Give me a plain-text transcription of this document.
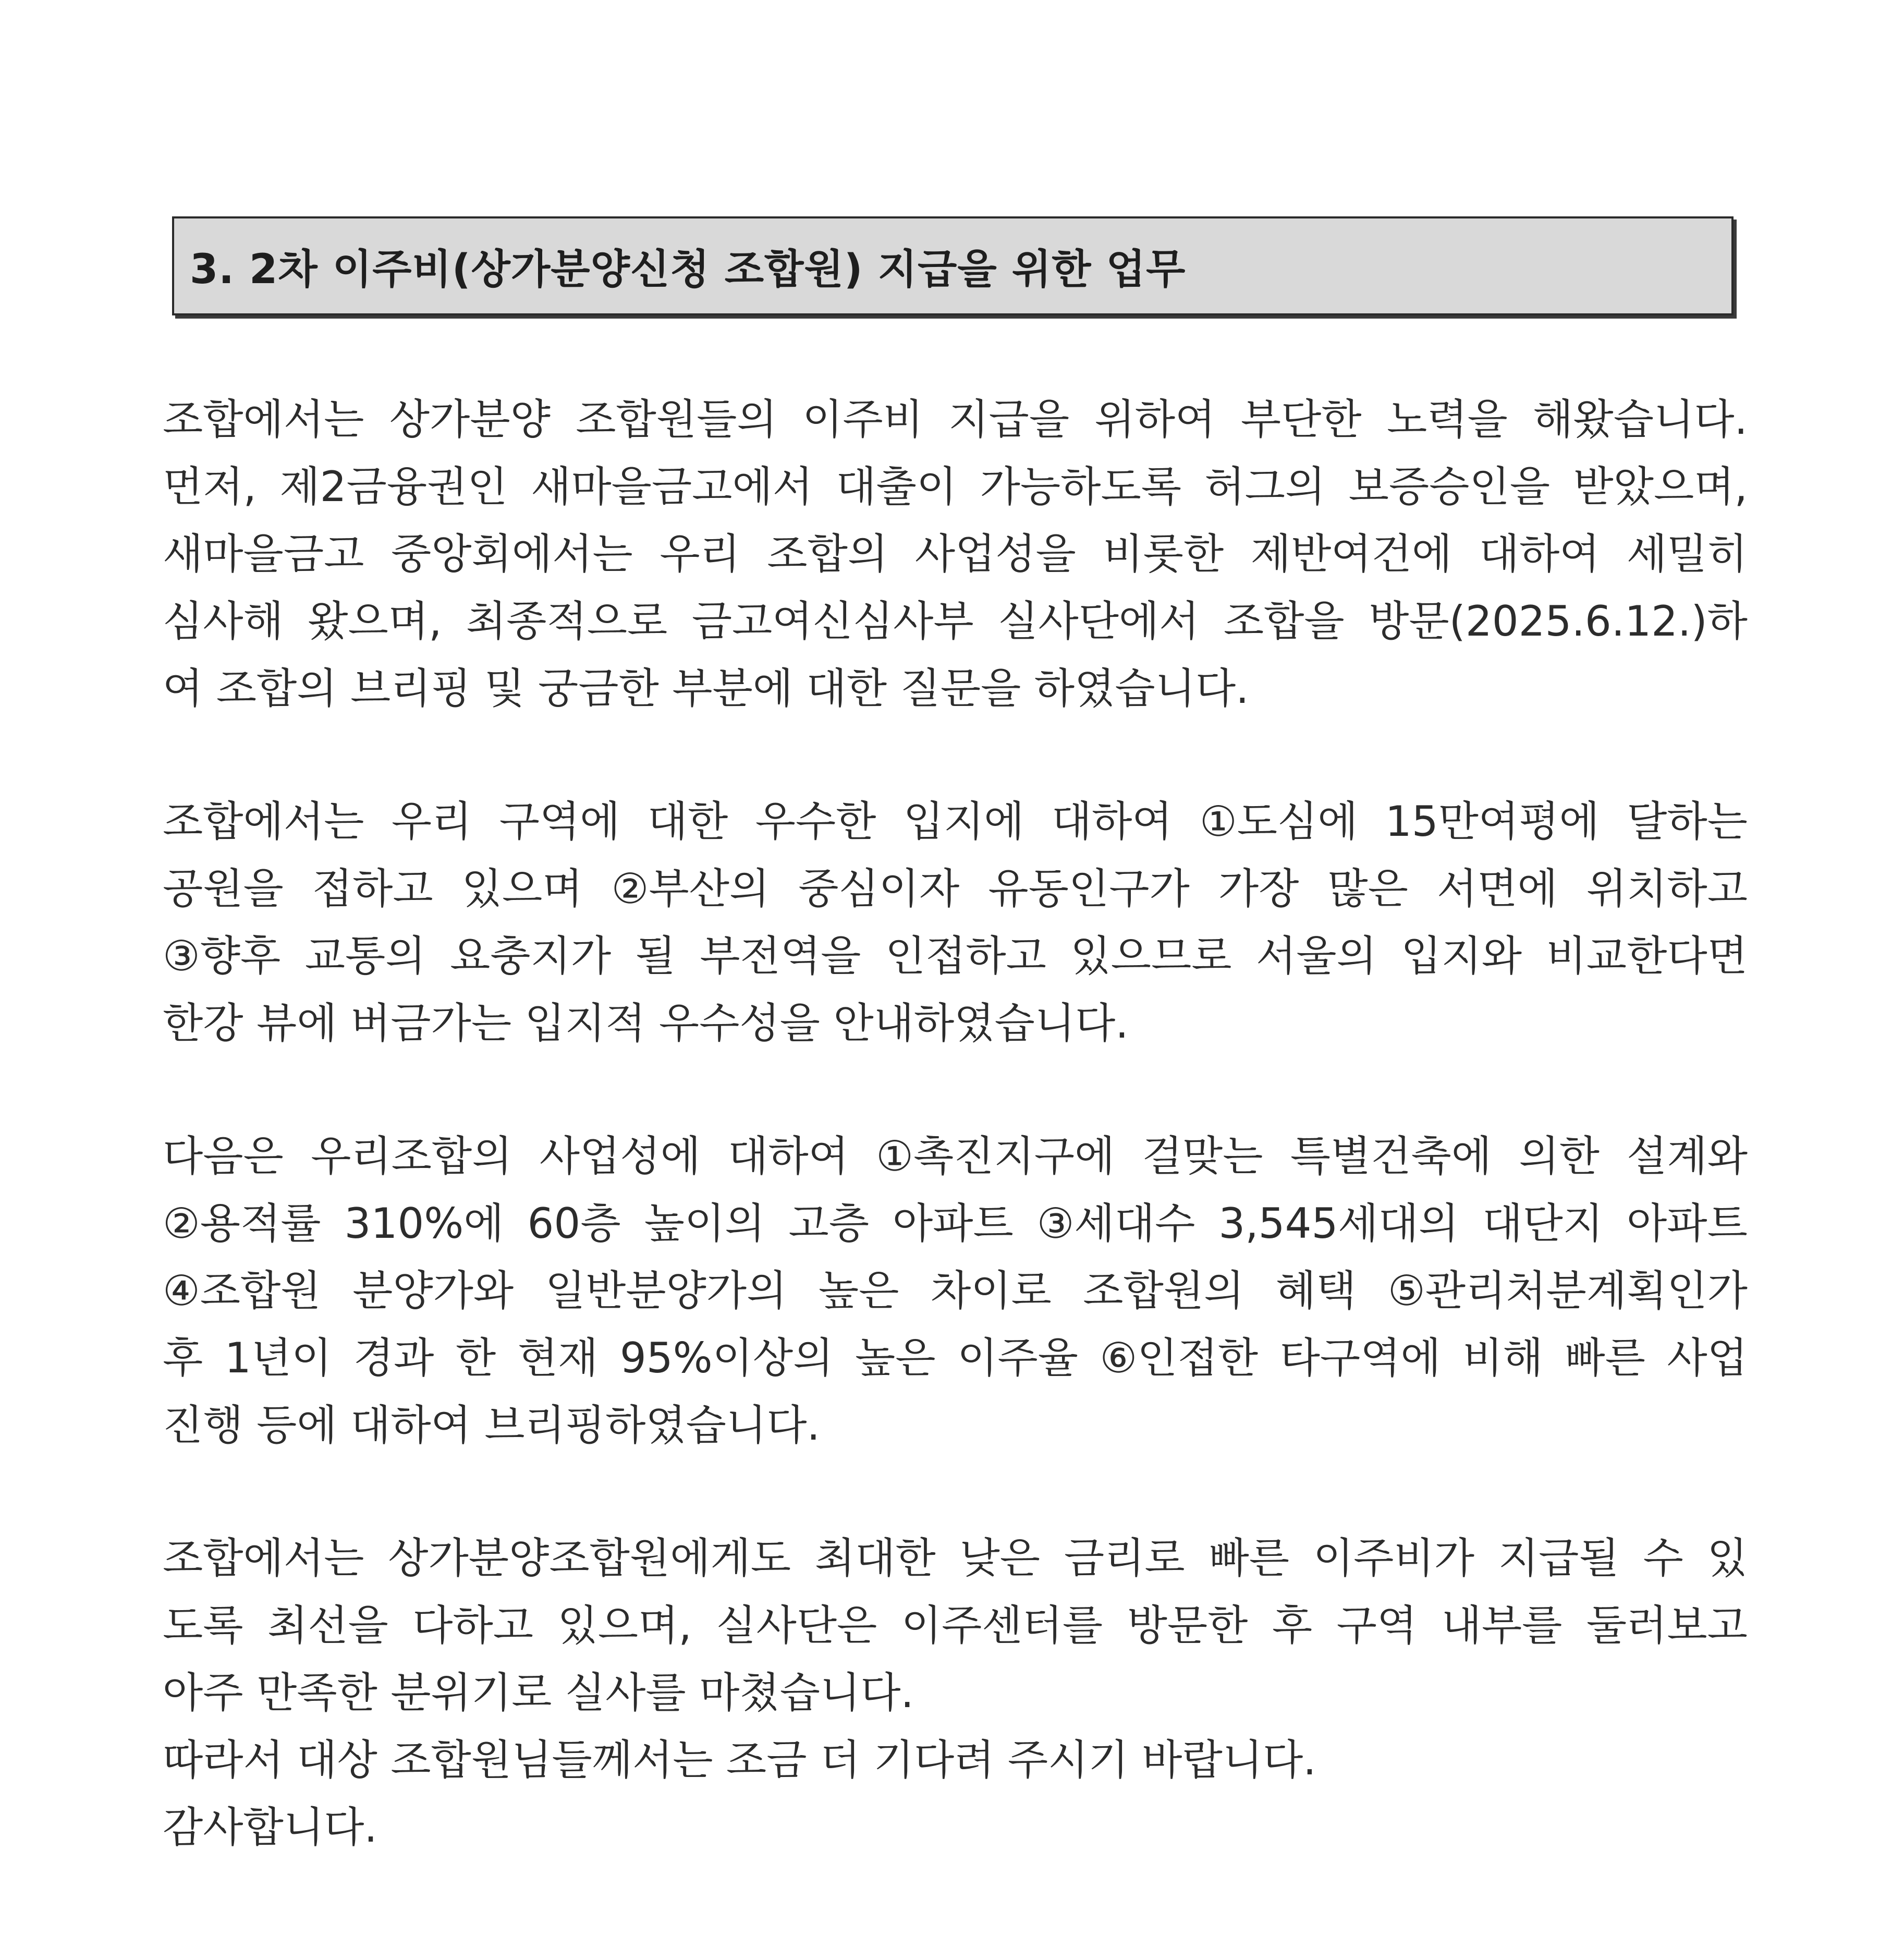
3. 2차 이주비(상가분양신청 조합원) 지급을 위한 업무
조합에서는 상가분양 조합원들의 이주비 지급을 위하여 부단한 노력을 해왔습니다.
먼저, 제2금융권인 새마을금고에서 대출이 가능하도록 허그의 보증승인을 받았으며,
새마을금고 중앙회에서는 우리 조합의 사업성을 비롯한 제반여건에 대하여 세밀히
심사해 왔으며, 최종적으로 금고여신심사부 실사단에서 조합을 방문(2025.6.12.)하
여 조합의 브리핑 및 궁금한 부분에 대한 질문을 하였습니다.
조합에서는 우리 구역에 대한 우수한 입지에 대하여 ①도심에 15만여평에 달하는
공원을 접하고 있으며 ②부산의 중심이자 유동인구가 가장 많은 서면에 위치하고
③향후 교통의 요충지가 될 부전역을 인접하고 있으므로 서울의 입지와 비교한다면
한강 뷰에 버금가는 입지적 우수성을 안내하였습니다.
다음은 우리조합의 사업성에 대하여 ①촉진지구에 걸맞는 특별건축에 의한 설계와
②용적률 310%에 60층 높이의 고층 아파트 ③세대수 3,545세대의 대단지 아파트
④조합원 분양가와 일반분양가의 높은 차이로 조합원의 혜택 ⑤관리처분계획인가
후 1년이 경과 한 현재 95%이상의 높은 이주율 ⑥인접한 타구역에 비해 빠른 사업
진행 등에 대하여 브리핑하였습니다.
조합에서는 상가분양조합원에게도 최대한 낮은 금리로 빠른 이주비가 지급될 수 있
도록 최선을 다하고 있으며, 실사단은 이주센터를 방문한 후 구역 내부를 둘러보고
아주 만족한 분위기로 실사를 마쳤습니다.
따라서 대상 조합원님들께서는 조금 더 기다려 주시기 바랍니다.
감사합니다.
